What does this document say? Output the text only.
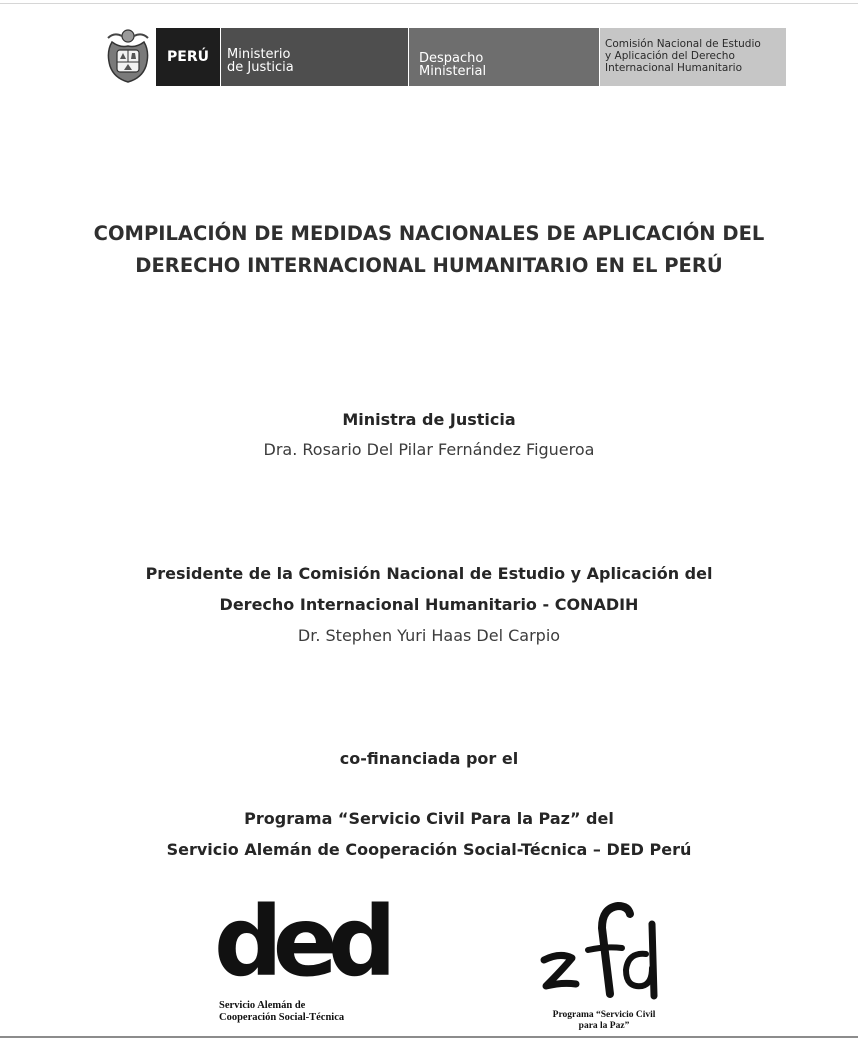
PERÚ Ministerio
de Justicia
Despacho
Ministerial
Comisión Nacional de Estudio
y Aplicación del Derecho
Internacional Humanitario
COMPILACIÓN DE MEDIDAS NACIONALES DE APLICACIÓN DEL
DERECHO INTERNACIONAL HUMANITARIO EN EL PERÚ
Ministra de Justicia
Dra. Rosario Del Pilar Fernández Figueroa
Presidente de la Comisión Nacional de Estudio y Aplicación del
Derecho Internacional Humanitario - CONADIH
Dr. Stephen Yuri Haas Del Carpio
co-financiada por el
Programa “Servicio Civil Para la Paz” del
Servicio Alemán de Cooperación Social-Técnica – DED Perú
ded
Servicio Alemán de
Cooperación Social-Técnica	Programa “Servicio Civil
para la Paz”
